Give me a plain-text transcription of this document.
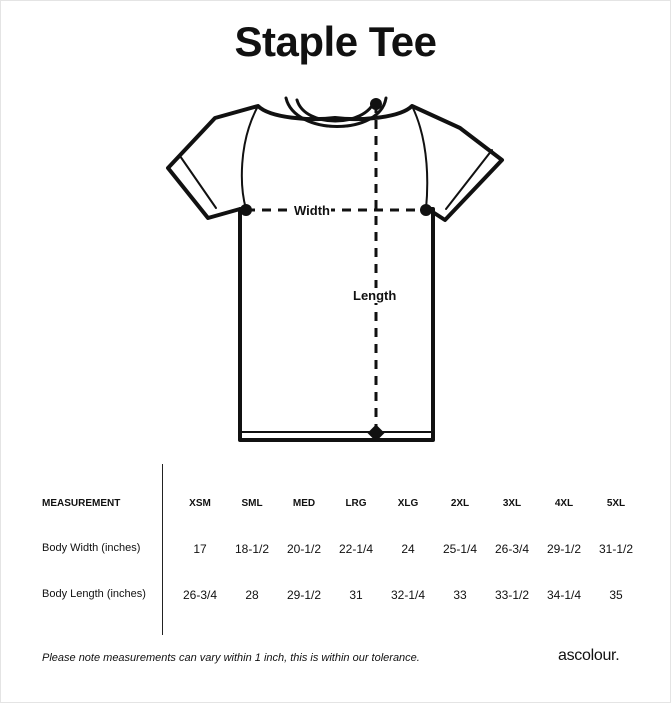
Staple Tee
Width
Length
MEASUREMENT	XSM	SML	MED	LRG	XLG	2XL	3XL	4XL	5XL
Body Width (inches)	17	18-1/2	20-1/2	22-1/4	24	25-1/4	26-3/4	29-1/2	31-1/2
Body Length (inches)	26-3/4	28	29-1/2	31	32-1/4	33	33-1/2	34-1/4	35
Please note measurements can vary within 1 inch, this is within our tolerance.	ascolour.
